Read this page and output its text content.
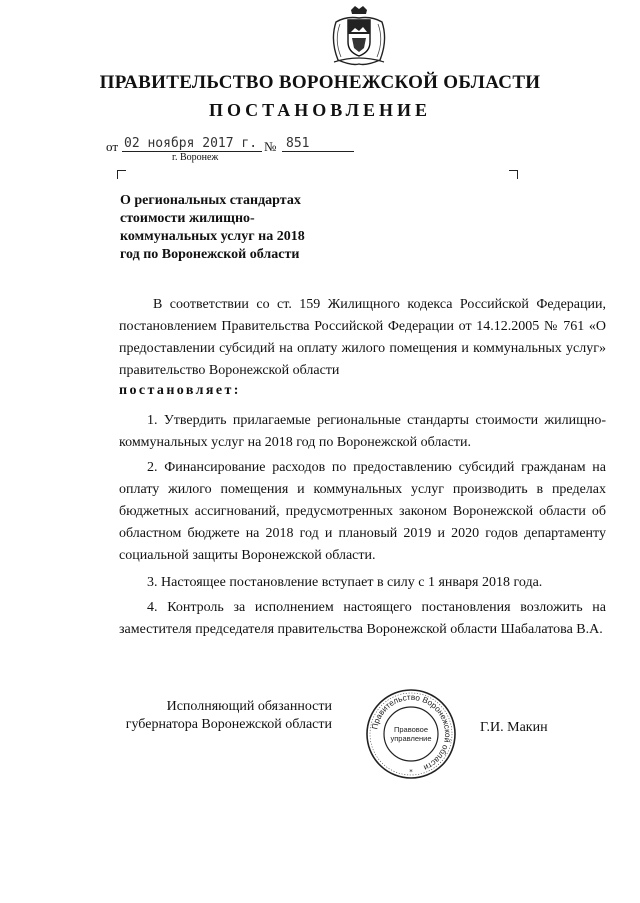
ПРАВИТЕЛЬСТВО ВОРОНЕЖСКОЙ ОБЛАСТИ
ПОСТАНОВЛЕНИЕ
от 02 ноября 2017 г. № 851
г. Воронеж
О региональных стандартах стоимости жилищно-коммунальных услуг на 2018 год по Воронежской области
В соответствии со ст. 159 Жилищного кодекса Российской Федерации, постановлением Правительства Российской Федерации от 14.12.2005 № 761 «О предоставлении субсидий на оплату жилого помещения и коммунальных услуг» правительство Воронежской области
постановляет:
1. Утвердить прилагаемые региональные стандарты стоимости жилищно-коммунальных услуг на 2018 год по Воронежской области.
2. Финансирование расходов по предоставлению субсидий гражданам на оплату жилого помещения и коммунальных услуг производить в пределах бюджетных ассигнований, предусмотренных законом Воронежской области об областном бюджете на 2018 год и плановый 2019 и 2020 годов департаменту социальной защиты Воронежской области.
3. Настоящее постановление вступает в силу с 1 января 2018 года.
4. Контроль за исполнением настоящего постановления возложить на заместителя председателя правительства Воронежской области Шабалатова В.А.
Исполняющий обязанности губернатора Воронежской области	Правительство Воронежской области
Правовое управление
*
Г.И. Макин
